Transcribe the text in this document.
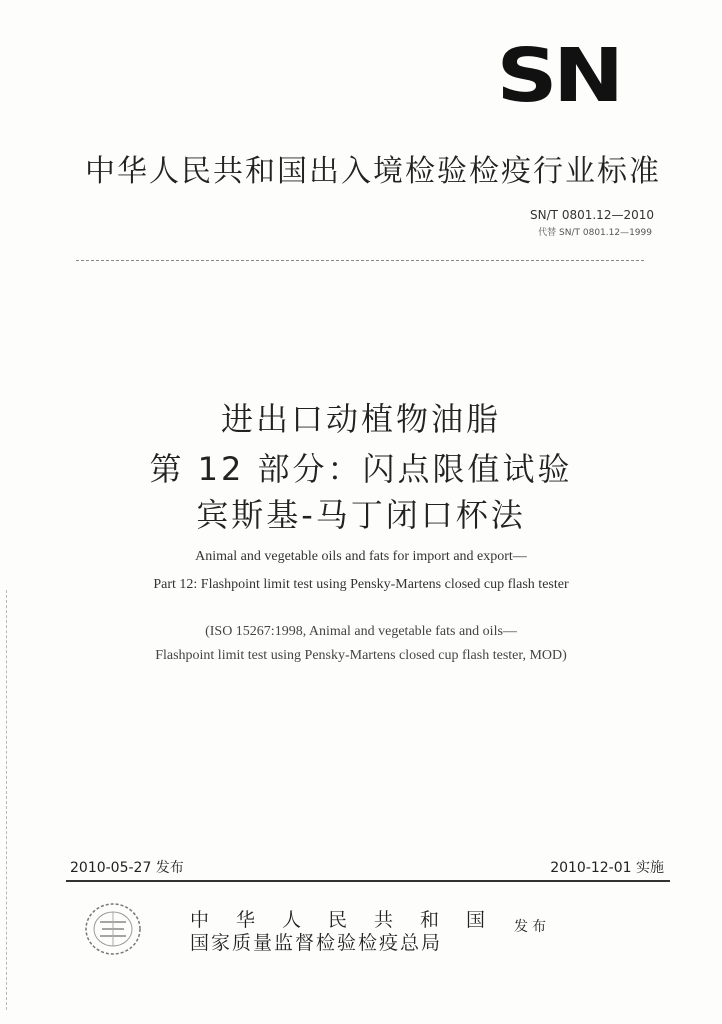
SN
中华人民共和国出入境检验检疫行业标准
SN/T 0801.12—2010
代替 SN/T 0801.12—1999
进出口动植物油脂
第 12 部分：闪点限值试验
宾斯基-马丁闭口杯法
Animal and vegetable oils and fats for import and export—
Part 12: Flashpoint limit test using Pensky-Martens closed cup flash tester
(ISO 15267:1998, Animal and vegetable fats and oils—
Flashpoint limit test using Pensky-Martens closed cup flash tester, MOD)
2010-05-27 发布	2010-12-01 实施
中华人民共和国
国家质量监督检验检疫总局
发布
